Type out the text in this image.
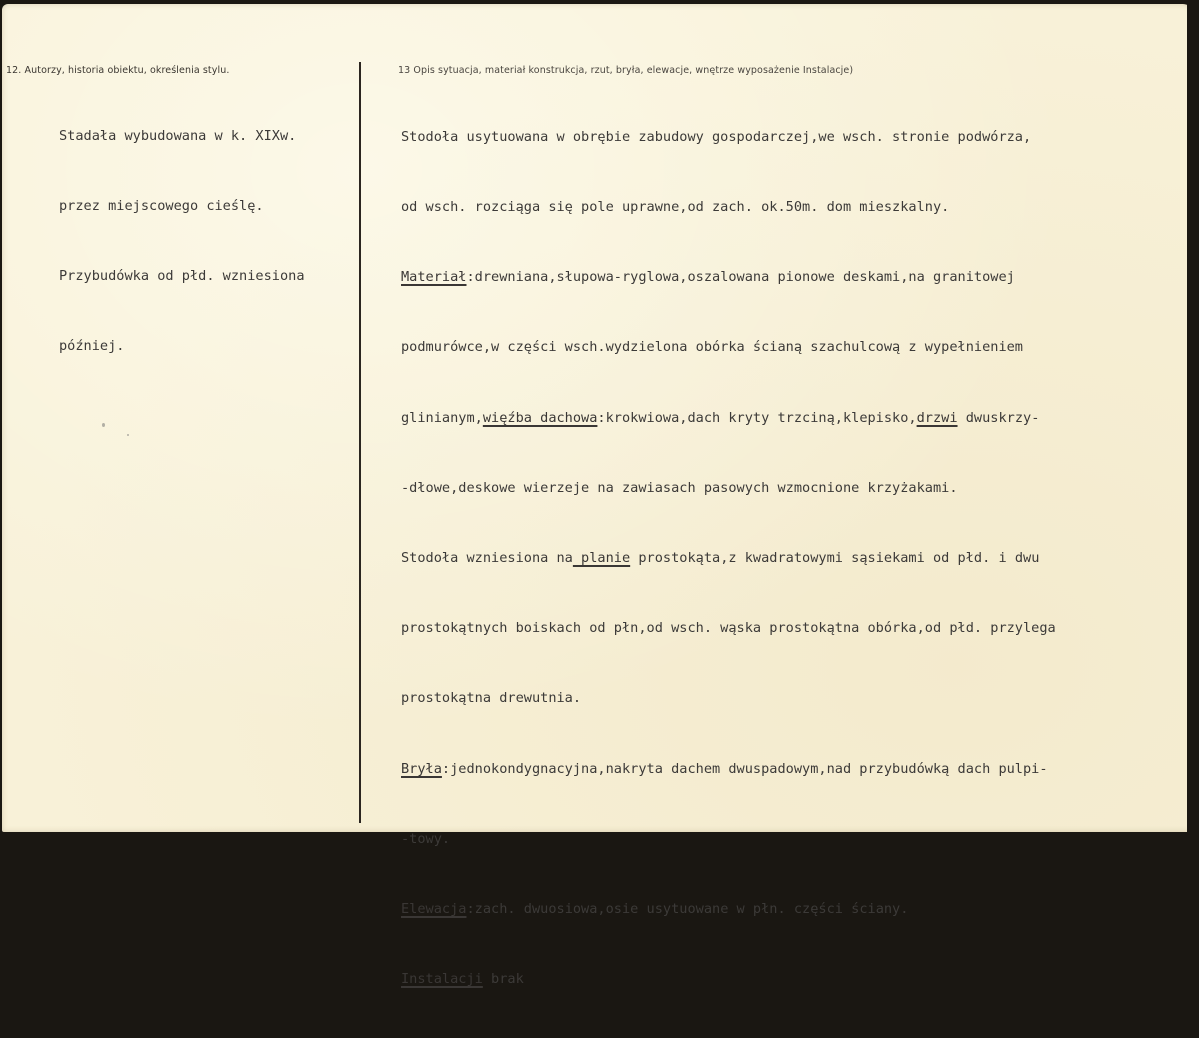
12. Autorzy, historia obiektu, określenia stylu.	13 Opis sytuacja, materiał konstrukcja, rzut, bryła, elewacje, wnętrze wyposażenie Instalacje)

Stadała wybudowana w k. XIXw.

przez miejscowego cieślę.

Przybudówka od płd. wzniesiona

później.

Stodoła usytuowana w obrębie zabudowy gospodarczej,we wsch. stronie podwórza,

od wsch. rozciąga się pole uprawne,od zach. ok.50m. dom mieszkalny.

Materiał:drewniana,słupowa-ryglowa,oszalowana pionowe deskami,na granitowej

podmurówce,w części wsch.wydzielona obórka ścianą szachulcową z wypełnieniem

glinianym,więźba dachowa:krokwiowa,dach kryty trzciną,klepisko,drzwi dwuskrzy-

-dłowe,deskowe wierzeje na zawiasach pasowych wzmocnione krzyżakami.

Stodoła wzniesiona na planie prostokąta,z kwadratowymi sąsiekami od płd. i dwu

prostokątnych boiskach od płn,od wsch. wąska prostokątna obórka,od płd. przylega

prostokątna drewutnia.

Bryła:jednokondygnacyjna,nakryta dachem dwuspadowym,nad przybudówką dach pulpi-

-towy.

Elewacja:zach. dwuosiowa,osie usytuowane w płn. części ściany.

Instalacji brak
